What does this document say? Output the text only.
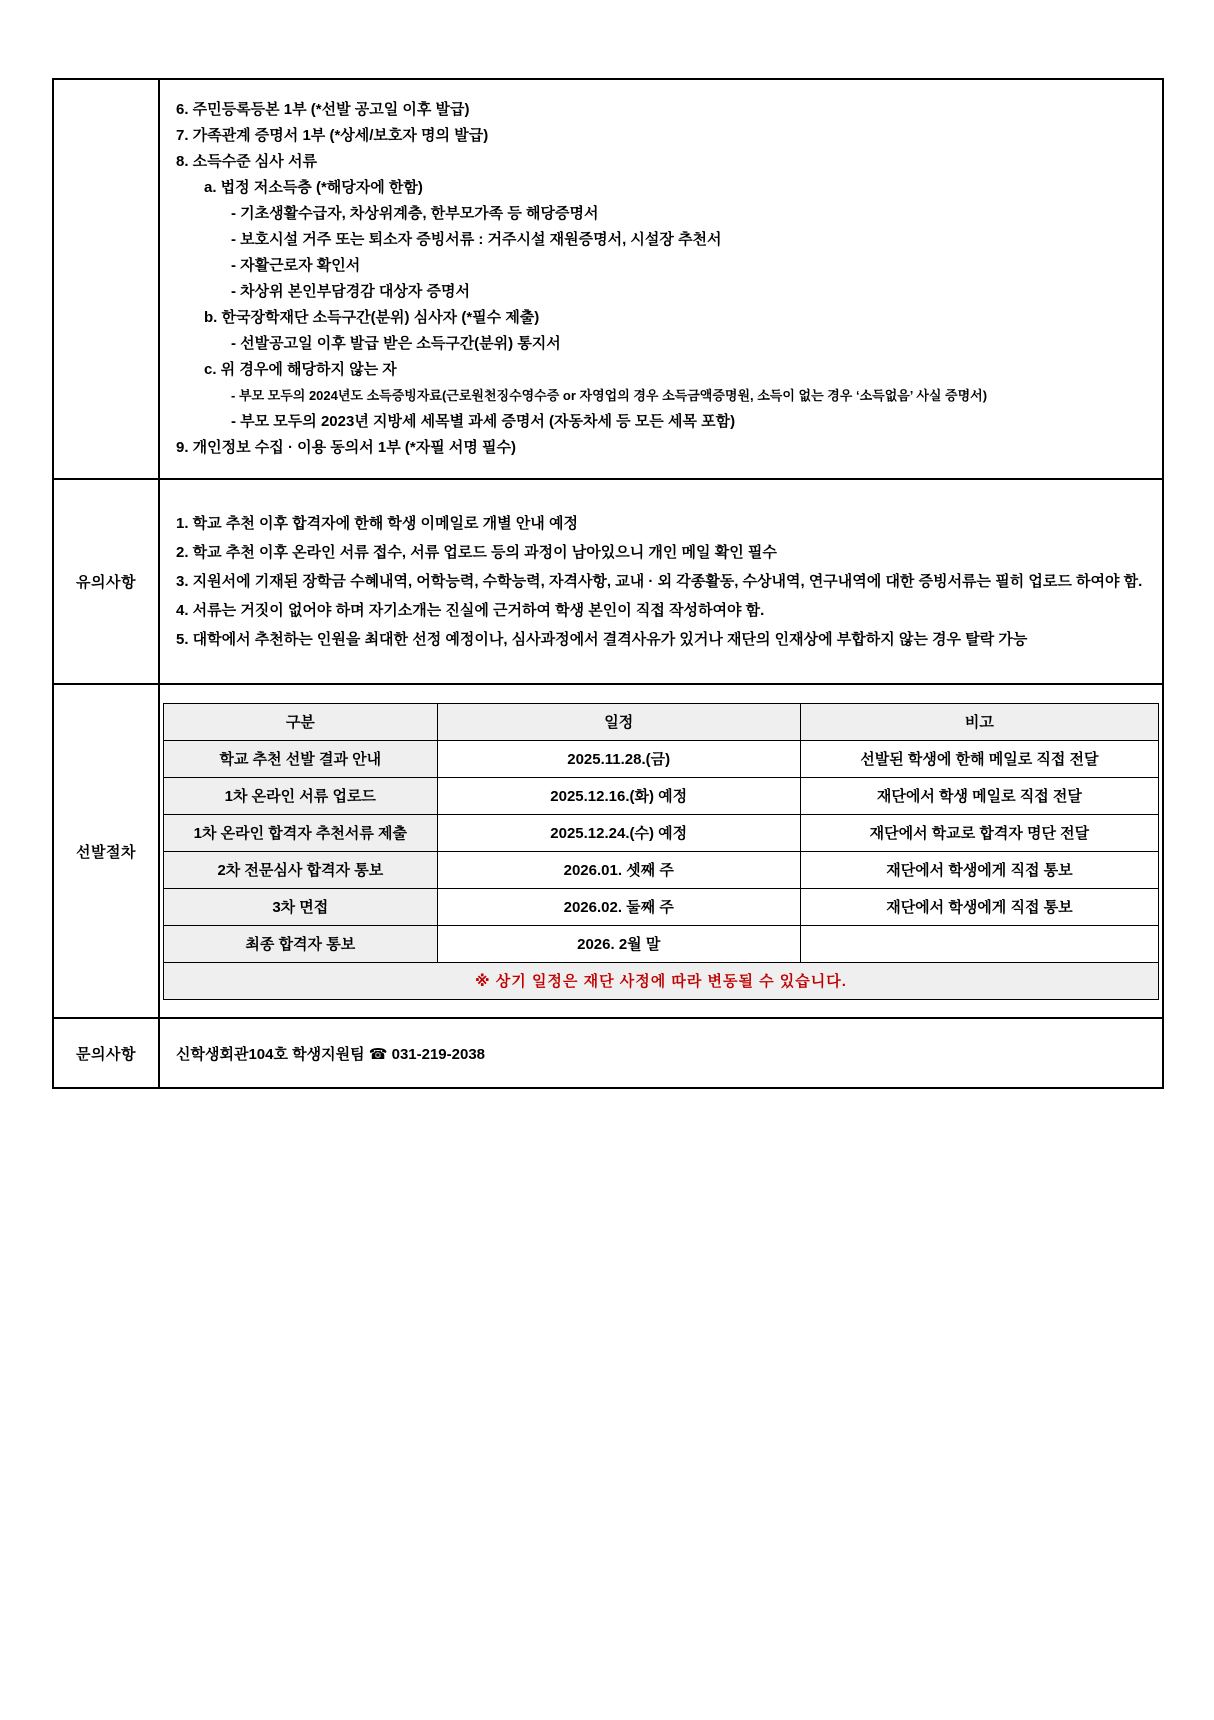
6. 주민등록등본 1부 (*선발 공고일 이후 발급)
7. 가족관계 증명서 1부 (*상세/보호자 명의 발급)
8. 소득수준 심사 서류
a. 법정 저소득층 (*해당자에 한함)
- 기초생활수급자, 차상위계층, 한부모가족 등 해당증명서
- 보호시설 거주 또는 퇴소자 증빙서류 : 거주시설 재원증명서, 시설장 추천서
- 자활근로자 확인서
- 차상위 본인부담경감 대상자 증명서
b. 한국장학재단 소득구간(분위) 심사자 (*필수 제출)
- 선발공고일 이후 발급 받은 소득구간(분위) 통지서
c. 위 경우에 해당하지 않는 자
- 부모 모두의 2024년도 소득증빙자료(근로원천징수영수증 or 자영업의 경우 소득금액증명원, 소득이 없는 경우 ‘소득없음’ 사실 증명서)
- 부모 모두의 2023년 지방세 세목별 과세 증명서 (자동차세 등 모든 세목 포함)
9. 개인정보 수집 · 이용 동의서 1부 (*자필 서명 필수)

유의사항	
1. 학교 추천 이후 합격자에 한해 학생 이메일로 개별 안내 예정
2. 학교 추천 이후 온라인 서류 접수, 서류 업로드 등의 과정이 남아있으니 개인 메일 확인 필수
3. 지원서에 기재된 장학금 수혜내역, 어학능력, 수학능력, 자격사항, 교내 · 외 각종활동, 수상내역, 연구내역에 대한 증빙서류는 필히 업로드 하여야 함.
4. 서류는 거짓이 없어야 하며 자기소개는 진실에 근거하여 학생 본인이 직접 작성하여야 함.
5. 대학에서 추천하는 인원을 최대한 선정 예정이나, 심사과정에서 결격사유가 있거나 재단의 인재상에 부합하지 않는 경우 탈락 가능

선발절차	
구분	일정	비고
학교 추천 선발 결과 안내	2025.11.28.(금)	선발된 학생에 한해 메일로 직접 전달
1차 온라인 서류 업로드	2025.12.16.(화) 예정	재단에서 학생 메일로 직접 전달
1차 온라인 합격자 추천서류 제출	2025.12.24.(수) 예정	재단에서 학교로 합격자 명단 전달
2차 전문심사 합격자 통보	2026.01. 셋째 주	재단에서 학생에게 직접 통보
3차 면접	2026.02. 둘째 주	재단에서 학생에게 직접 통보
최종 합격자 통보	2026. 2월 말	
※ 상기 일정은 재단 사정에 따라 변동될 수 있습니다.

문의사항	신학생회관104호 학생지원팀 ☎ 031-219-2038
